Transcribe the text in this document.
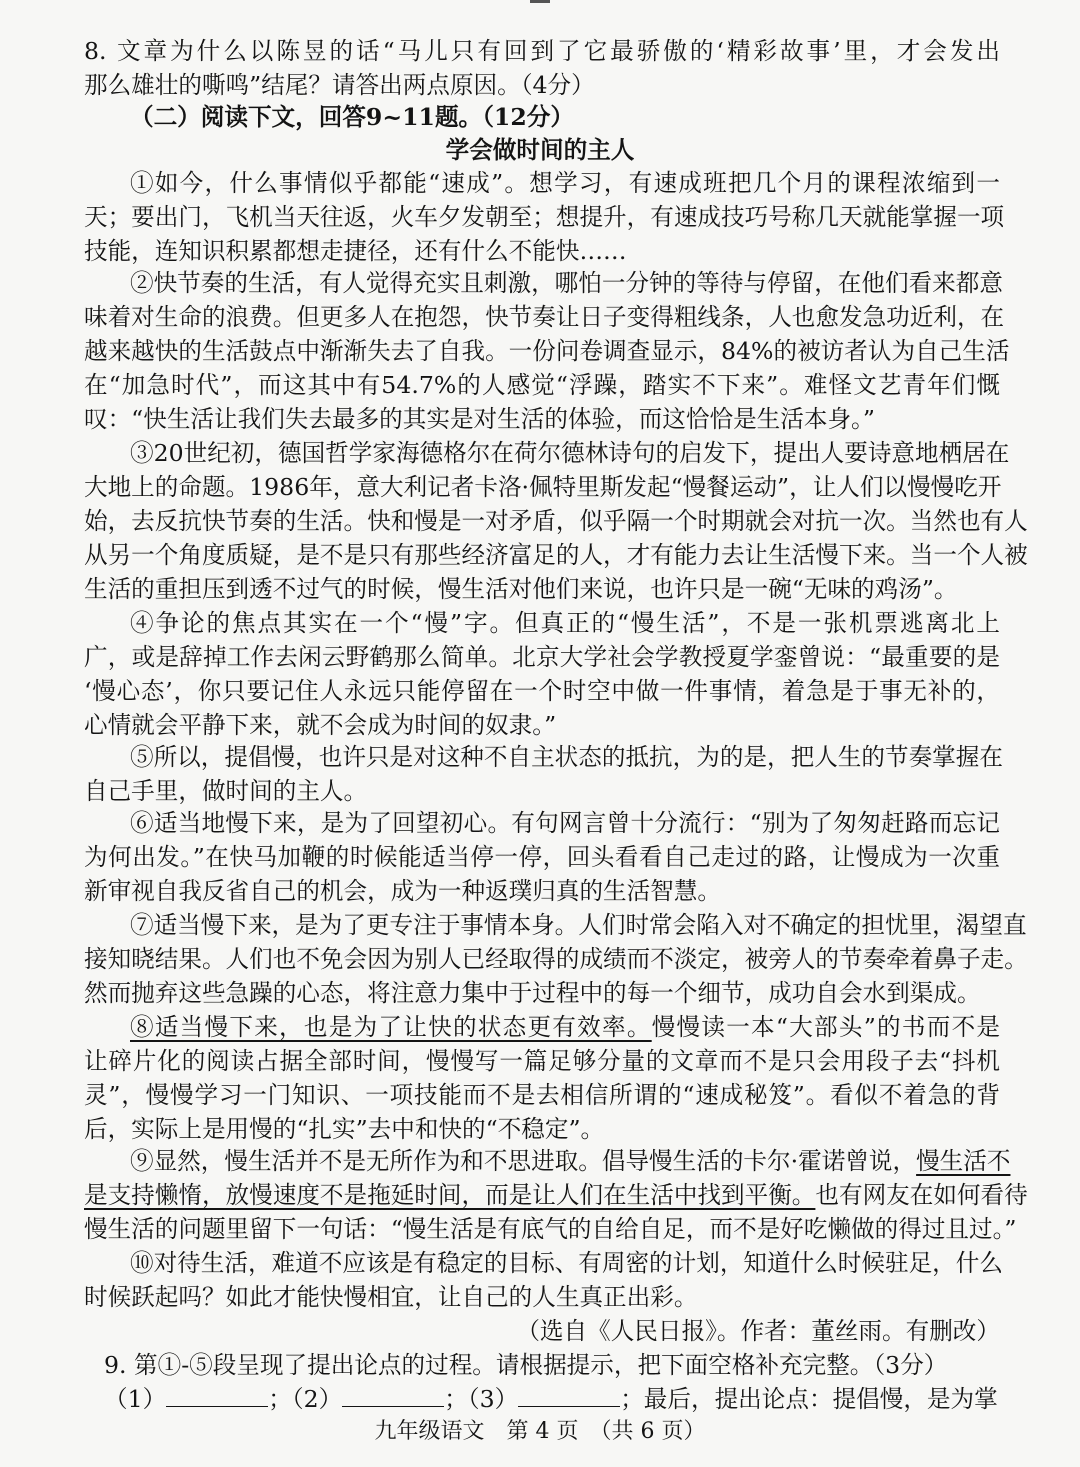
8. 文章为什么以陈昱的话“马儿只有回到了它最骄傲的‘精彩故事’里，才会发出
那么雄壮的嘶鸣”结尾？请答出两点原因。（4分）
（二）阅读下文，回答9~11题。（12分）
学会做时间的主人
①如今，什么事情似乎都能“速成”。想学习，有速成班把几个月的课程浓缩到一
天；要出门，飞机当天往返，火车夕发朝至；想提升，有速成技巧号称几天就能掌握一项
技能，连知识积累都想走捷径，还有什么不能快……
②快节奏的生活，有人觉得充实且刺激，哪怕一分钟的等待与停留，在他们看来都意
味着对生命的浪费。但更多人在抱怨，快节奏让日子变得粗线条，人也愈发急功近利，在
越来越快的生活鼓点中渐渐失去了自我。一份问卷调查显示，84%的被访者认为自己生活
在“加急时代”，而这其中有54.7%的人感觉“浮躁，踏实不下来”。难怪文艺青年们慨
叹：“快生活让我们失去最多的其实是对生活的体验，而这恰恰是生活本身。”
③20世纪初，德国哲学家海德格尔在荷尔德林诗句的启发下，提出人要诗意地栖居在
大地上的命题。1986年，意大利记者卡洛·佩特里斯发起“慢餐运动”，让人们以慢慢吃开
始，去反抗快节奏的生活。快和慢是一对矛盾，似乎隔一个时期就会对抗一次。当然也有人
从另一个角度质疑，是不是只有那些经济富足的人，才有能力去让生活慢下来。当一个人被
生活的重担压到透不过气的时候，慢生活对他们来说，也许只是一碗“无味的鸡汤”。
④争论的焦点其实在一个“慢”字。但真正的“慢生活”，不是一张机票逃离北上
广，或是辞掉工作去闲云野鹤那么简单。北京大学社会学教授夏学銮曾说：“最重要的是
‘慢心态’，你只要记住人永远只能停留在一个时空中做一件事情，着急是于事无补的，
心情就会平静下来，就不会成为时间的奴隶。”
⑤所以，提倡慢，也许只是对这种不自主状态的抵抗，为的是，把人生的节奏掌握在
自己手里，做时间的主人。
⑥适当地慢下来，是为了回望初心。有句网言曾十分流行：“别为了匆匆赶路而忘记
为何出发。”在快马加鞭的时候能适当停一停，回头看看自己走过的路，让慢成为一次重
新审视自我反省自己的机会，成为一种返璞归真的生活智慧。
⑦适当慢下来，是为了更专注于事情本身。人们时常会陷入对不确定的担忧里，渴望直
接知晓结果。人们也不免会因为别人已经取得的成绩而不淡定，被旁人的节奏牵着鼻子走。
然而抛弃这些急躁的心态，将注意力集中于过程中的每一个细节，成功自会水到渠成。
⑧适当慢下来，也是为了让快的状态更有效率。慢慢读一本“大部头”的书而不是
让碎片化的阅读占据全部时间，慢慢写一篇足够分量的文章而不是只会用段子去“抖机
灵”，慢慢学习一门知识、一项技能而不是去相信所谓的“速成秘笈”。看似不着急的背
后，实际上是用慢的“扎实”去中和快的“不稳定”。
⑨显然，慢生活并不是无所作为和不思进取。倡导慢生活的卡尔·霍诺曾说，慢生活不
是支持懒惰，放慢速度不是拖延时间，而是让人们在生活中找到平衡。也有网友在如何看待
慢生活的问题里留下一句话：“慢生活是有底气的自给自足，而不是好吃懒做的得过且过。”
⑩对待生活，难道不应该是有稳定的目标、有周密的计划，知道什么时候驻足，什么
时候跃起吗？如此才能快慢相宜，让自己的人生真正出彩。
（选自《人民日报》。作者：董丝雨。有删改）
9. 第①-⑤段呈现了提出论点的过程。请根据提示，把下面空格补充完整。（3分）
（1）	；（2）	；（3）	；最后，提出论点：提倡慢，是为掌
九年级语文　第 4 页　（共 6 页）
